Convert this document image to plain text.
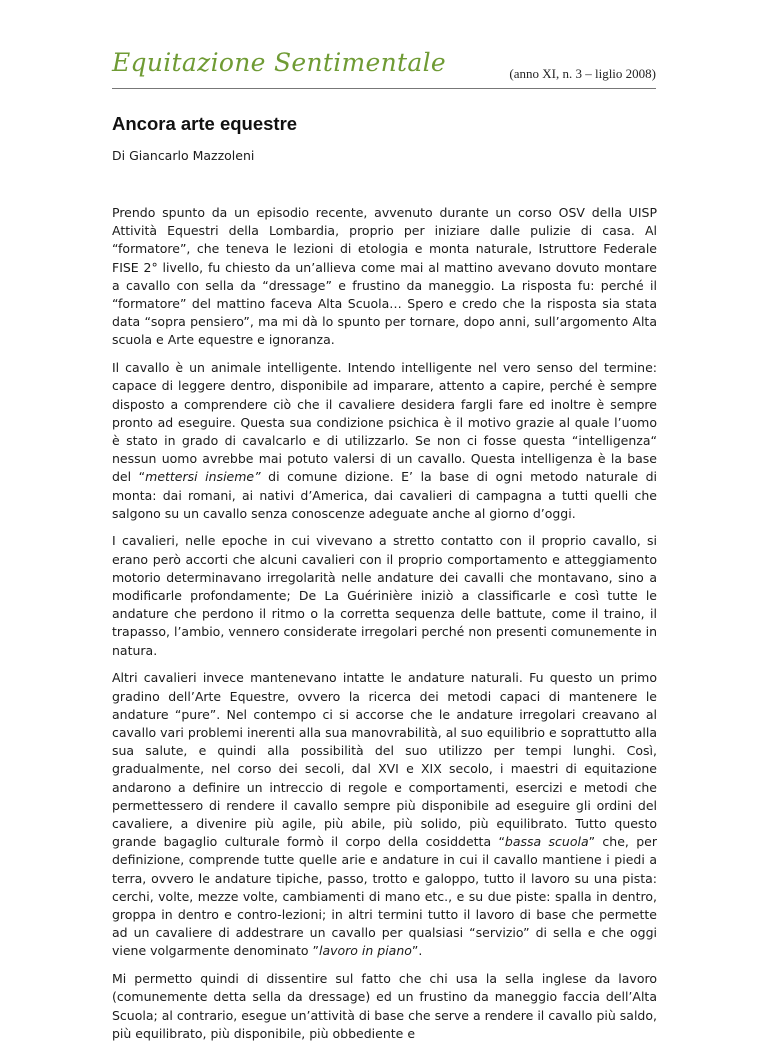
Equitazione Sentimentale	(anno XI, n. 3 – liglio 2008)
Ancora arte equestre
Di Giancarlo Mazzoleni

Prendo spunto da un episodio recente, avvenuto durante un corso OSV della UISP Attività Equestri della Lombardia, proprio per iniziare dalle pulizie di casa. Al “formatore”, che teneva le lezioni di etologia e monta naturale, Istruttore Federale FISE 2° livello, fu chiesto da un’allieva come mai al mattino avevano dovuto montare a cavallo con sella da “dressage” e frustino da maneggio. La risposta fu: perché il “formatore” del mattino faceva Alta Scuola… Spero e credo che la risposta sia stata data “sopra pensiero”, ma mi dà lo spunto per tornare, dopo anni, sull’argomento Alta scuola e Arte equestre e ignoranza.

Il cavallo è un animale intelligente. Intendo intelligente nel vero senso del termine: capace di leggere dentro, disponibile ad imparare, attento a capire, perché è sempre disposto a comprendere ciò che il cavaliere desidera fargli fare ed inoltre è sempre pronto ad eseguire. Questa sua condizione psichica è il motivo grazie al quale l’uomo è stato in grado di cavalcarlo e di utilizzarlo. Se non ci fosse questa “intelligenza“ nessun uomo avrebbe mai potuto valersi di un cavallo. Questa intelligenza è la base del “mettersi insieme” di comune dizione. E’ la base di ogni metodo naturale di monta: dai romani, ai nativi d’America, dai cavalieri di campagna a tutti quelli che salgono su un cavallo senza conoscenze adeguate anche al giorno d’oggi.

I cavalieri, nelle epoche in cui vivevano a stretto contatto con il proprio cavallo, si erano però accorti che alcuni cavalieri con il proprio comportamento e atteggiamento motorio determinavano irregolarità nelle andature dei cavalli che montavano, sino a modificarle profondamente; De La Guérinière iniziò a classificarle e così tutte le andature che perdono il ritmo o la corretta sequenza delle battute, come il traino, il trapasso, l’ambio, vennero considerate irregolari perché non presenti comunemente in natura.

Altri cavalieri invece mantenevano intatte le andature naturali. Fu questo un primo gradino dell’Arte Equestre, ovvero la ricerca dei metodi capaci di mantenere le andature “pure”. Nel contempo ci si accorse che le andature irregolari creavano al cavallo vari problemi inerenti alla sua manovrabilità, al suo equilibrio e soprattutto alla sua salute, e quindi alla possibilità del suo utilizzo per tempi lunghi. Così, gradualmente, nel corso dei secoli, dal XVI e XIX secolo, i maestri di equitazione andarono a definire un intreccio di regole e comportamenti, esercizi e metodi che permettessero di rendere il cavallo sempre più disponibile ad eseguire gli ordini del cavaliere, a divenire più agile, più abile, più solido, più equilibrato. Tutto questo grande bagaglio culturale formò il corpo della cosiddetta “bassa scuola” che, per definizione, comprende tutte quelle arie e andature in cui il cavallo mantiene i piedi a terra, ovvero le andature tipiche, passo, trotto e galoppo, tutto il lavoro su una pista: cerchi, volte, mezze volte, cambiamenti di mano etc., e su due piste: spalla in dentro, groppa in dentro e contro-lezioni; in altri termini tutto il lavoro di base che permette ad un cavaliere di addestrare un cavallo per qualsiasi “servizio” di sella e che oggi viene volgarmente denominato ”lavoro in piano”.

Mi permetto quindi di dissentire sul fatto che chi usa la sella inglese da lavoro (comunemente detta sella da dressage) ed un frustino da maneggio faccia dell’Alta Scuola; al contrario, esegue un’attività di base che serve a rendere il cavallo più saldo, più equilibrato, più disponibile, più obbediente e
